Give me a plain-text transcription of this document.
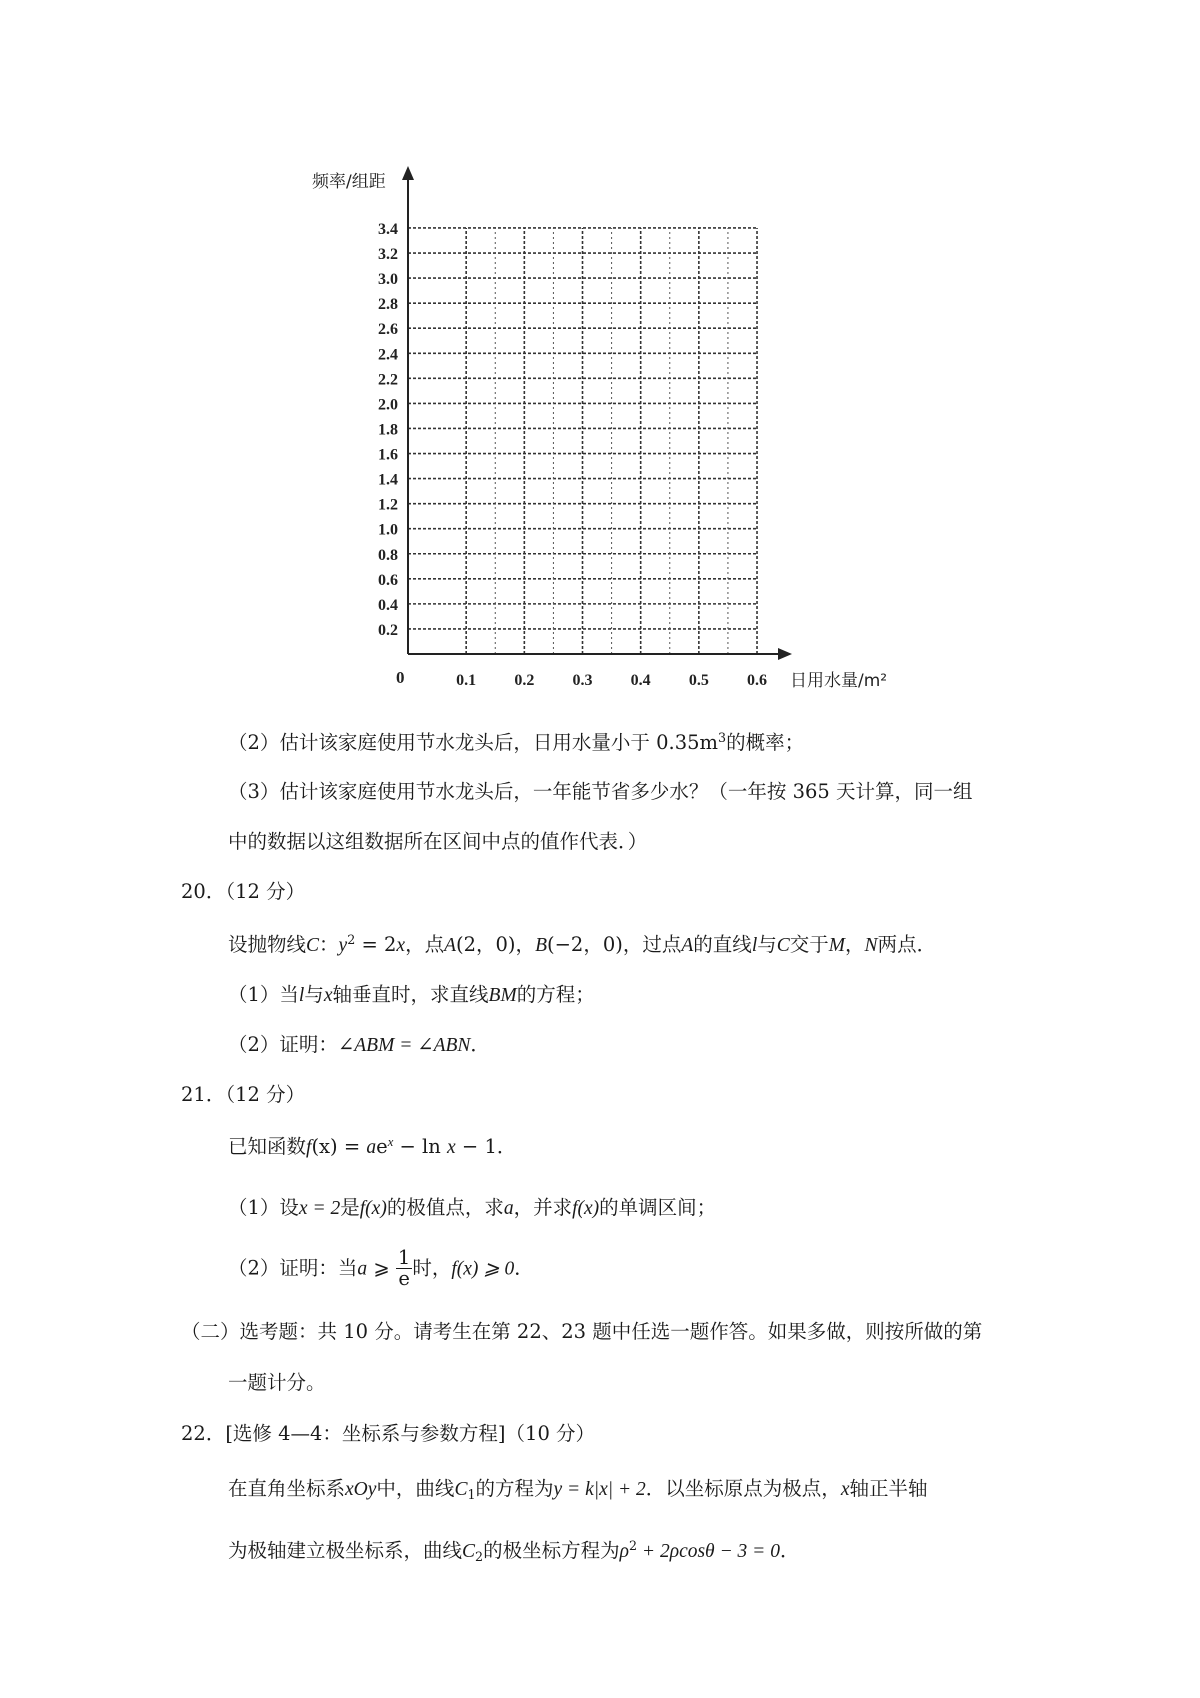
0.2
0.4
0.6
0.8
1.0
1.2
1.4
1.6
1.8
2.0
2.2
2.4
2.6
2.8
3.0
3.2
3.4
0.1 0.2 0.3 0.4 0.5 0.6
频率/组距
日用水量/m²
0
（2）估计该家庭使用节水龙头后，日用水量小于 $0.35m^3$的概率；
（3）估计该家庭使用节水龙头后，一年能节省多少水？（一年按 365 天计算，同一组
中的数据以这组数据所在区间中点的值作代表．）
20．（12 分）
设抛物线C：$y^2 = 2x$，点A(2，0)，B(−2，0)，过点A的直线l与C交于M，N两点．
（1）当l与x轴垂直时，求直线BM的方程；
（2）证明：∠ABM = ∠ABN．
21．（12 分）
已知函数$f(x) = ae^x - \ln x - 1$．
（1）设x = 2是f(x)的极值点，求a，并求f(x)的单调区间；
（2）证明：当a ⩾ $\frac{1}{e}$ 时，f(x) ⩾ 0．
（二）选考题：共 10 分。请考生在第 22、23 题中任选一题作答。如果多做，则按所做的第
一题计分。
22．[选修 4—4：坐标系与参数方程]（10 分）
在直角坐标系xOy中，曲线C1的方程为y = k|x| + 2．以坐标原点为极点，x轴正半轴
为极轴建立极坐标系，曲线C2的极坐标方程为$\rho^2 + 2\rho\cos\theta - 3 = 0$．
